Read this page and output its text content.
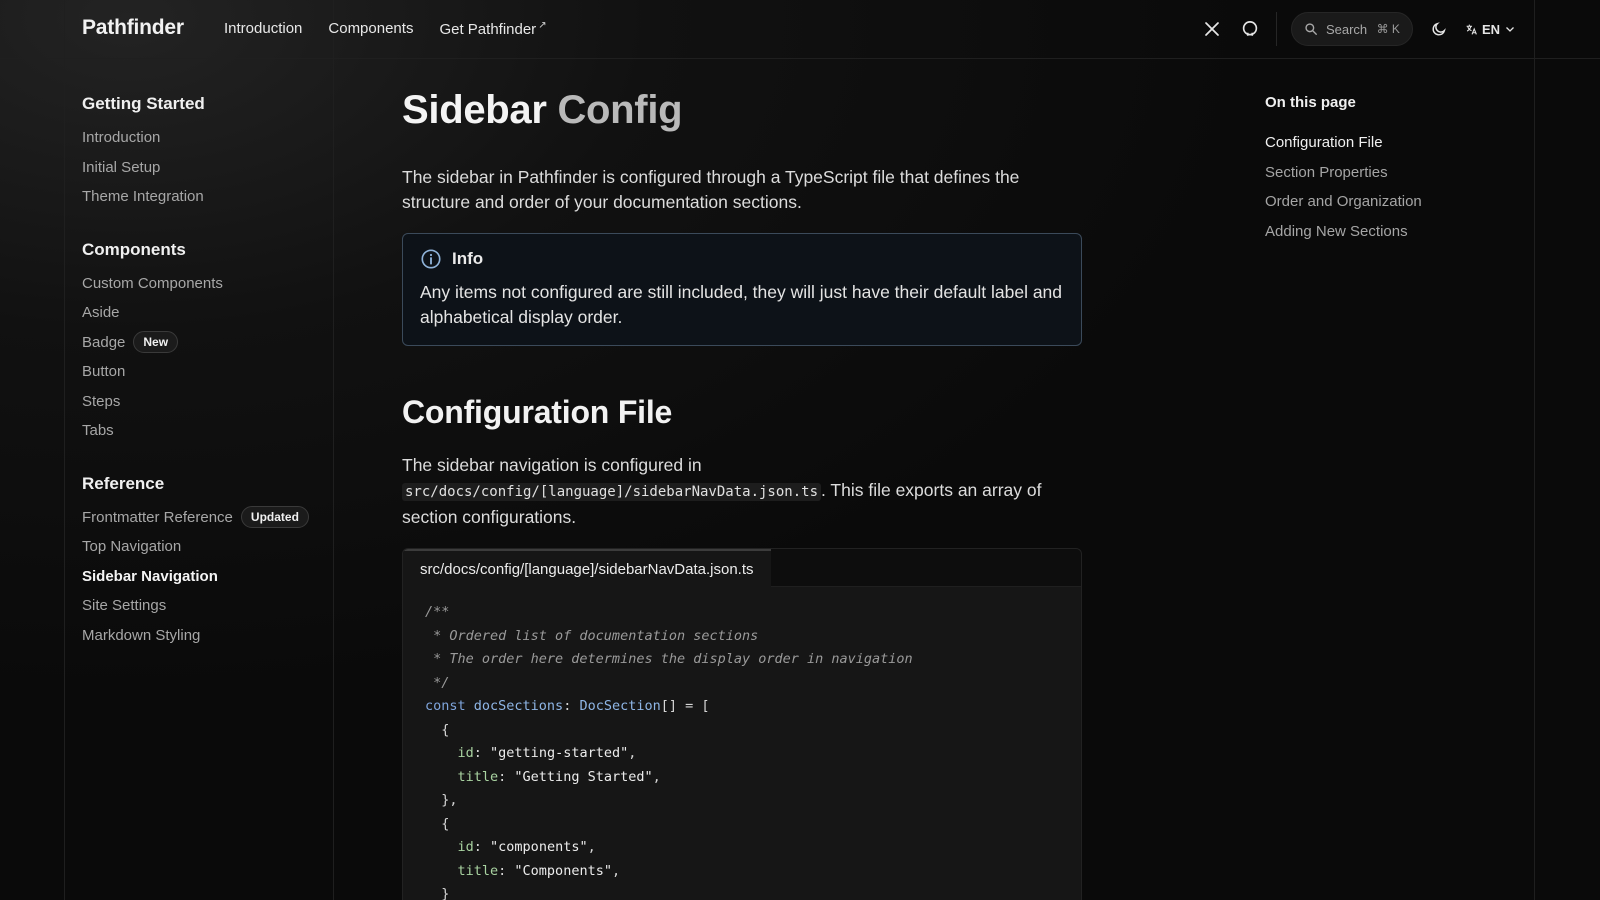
Pathfinder	Introduction Components Get Pathfinder ↗	Search ⌘ K	EN
Getting Started
Introduction
Initial Setup
Theme Integration
Components
Custom Components
Aside
Badge	New
Button
Steps
Tabs
Reference
Frontmatter Reference	Updated
Top Navigation
Sidebar Navigation
Site Settings
Markdown Styling
Sidebar Config

The sidebar in Pathfinder is configured through a TypeScript file that defines the structure and order of your documentation sections.

Info
Any items not configured are still included, they will just have their default label and alphabetical display order.
Configuration File

The sidebar navigation is configured in
src/docs/config/[language]/sidebarNavData.json.ts . This file exports an array of section configurations.

src/docs/config/[language]/sidebarNavData.json.ts
/**
* Ordered list of documentation sections
* The order here determines the display order in navigation
*/
const docSections: DocSection[] = [
{
id: "getting-started",
title: "Getting Started",
},
{
id: "components",
title: "Components",
}
On this page
Configuration File
Section Properties
Order and Organization
Adding New Sections
